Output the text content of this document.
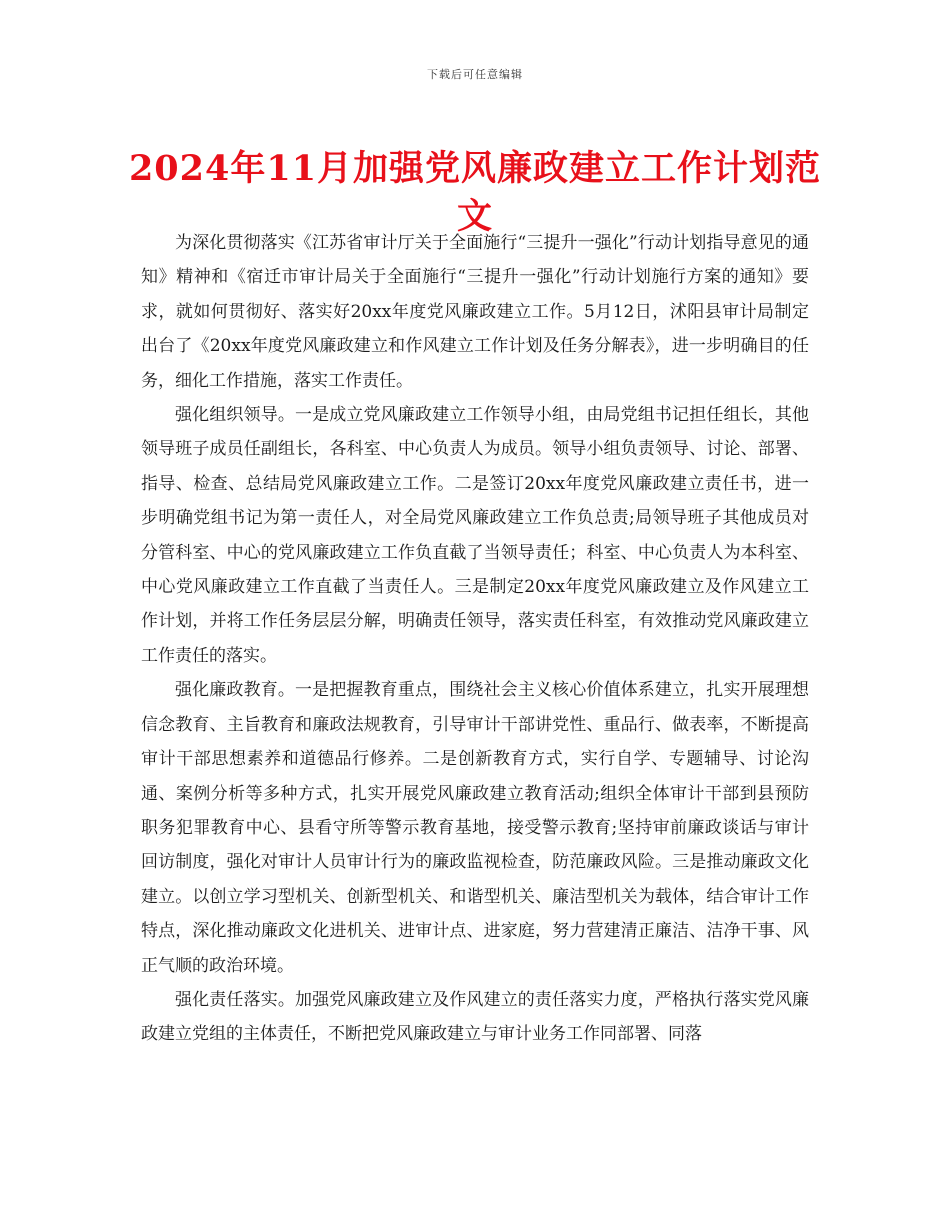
下载后可任意编辑
2024年11月加强党风廉政建立工作计划范文

为深化贯彻落实《江苏省审计厅关于全面施行“三提升一强化”行动计划指导意见的通知》精神和《宿迁市审计局关于全面施行“三提升一强化”行动计划施行方案的通知》要求，就如何贯彻好、落实好20xx年度党风廉政建立工作。5月12日，沭阳县审计局制定出台了《20xx年度党风廉政建立和作风建立工作计划及任务分解表》，进一步明确目的任务，细化工作措施，落实工作责任。

强化组织领导。一是成立党风廉政建立工作领导小组，由局党组书记担任组长，其他领导班子成员任副组长，各科室、中心负责人为成员。领导小组负责领导、讨论、部署、指导、检查、总结局党风廉政建立工作。二是签订20xx年度党风廉政建立责任书，进一步明确党组书记为第一责任人，对全局党风廉政建立工作负总责;局领导班子其他成员对分管科室、中心的党风廉政建立工作负直截了当领导责任；科室、中心负责人为本科室、中心党风廉政建立工作直截了当责任人。三是制定20xx年度党风廉政建立及作风建立工作计划，并将工作任务层层分解，明确责任领导，落实责任科室，有效推动党风廉政建立工作责任的落实。

强化廉政教育。一是把握教育重点，围绕社会主义核心价值体系建立，扎实开展理想信念教育、主旨教育和廉政法规教育，引导审计干部讲党性、重品行、做表率，不断提高审计干部思想素养和道德品行修养。二是创新教育方式，实行自学、专题辅导、讨论沟通、案例分析等多种方式，扎实开展党风廉政建立教育活动;组织全体审计干部到县预防职务犯罪教育中心、县看守所等警示教育基地，接受警示教育;坚持审前廉政谈话与审计回访制度，强化对审计人员审计行为的廉政监视检查，防范廉政风险。三是推动廉政文化建立。以创立学习型机关、创新型机关、和谐型机关、廉洁型机关为载体，结合审计工作特点，深化推动廉政文化进机关、进审计点、进家庭，努力营建清正廉洁、洁净干事、风正气顺的政治环境。

强化责任落实。加强党风廉政建立及作风建立的责任落实力度，严格执行落实党风廉政建立党组的主体责任，不断把党风廉政建立与审计业务工作同部署、同落
